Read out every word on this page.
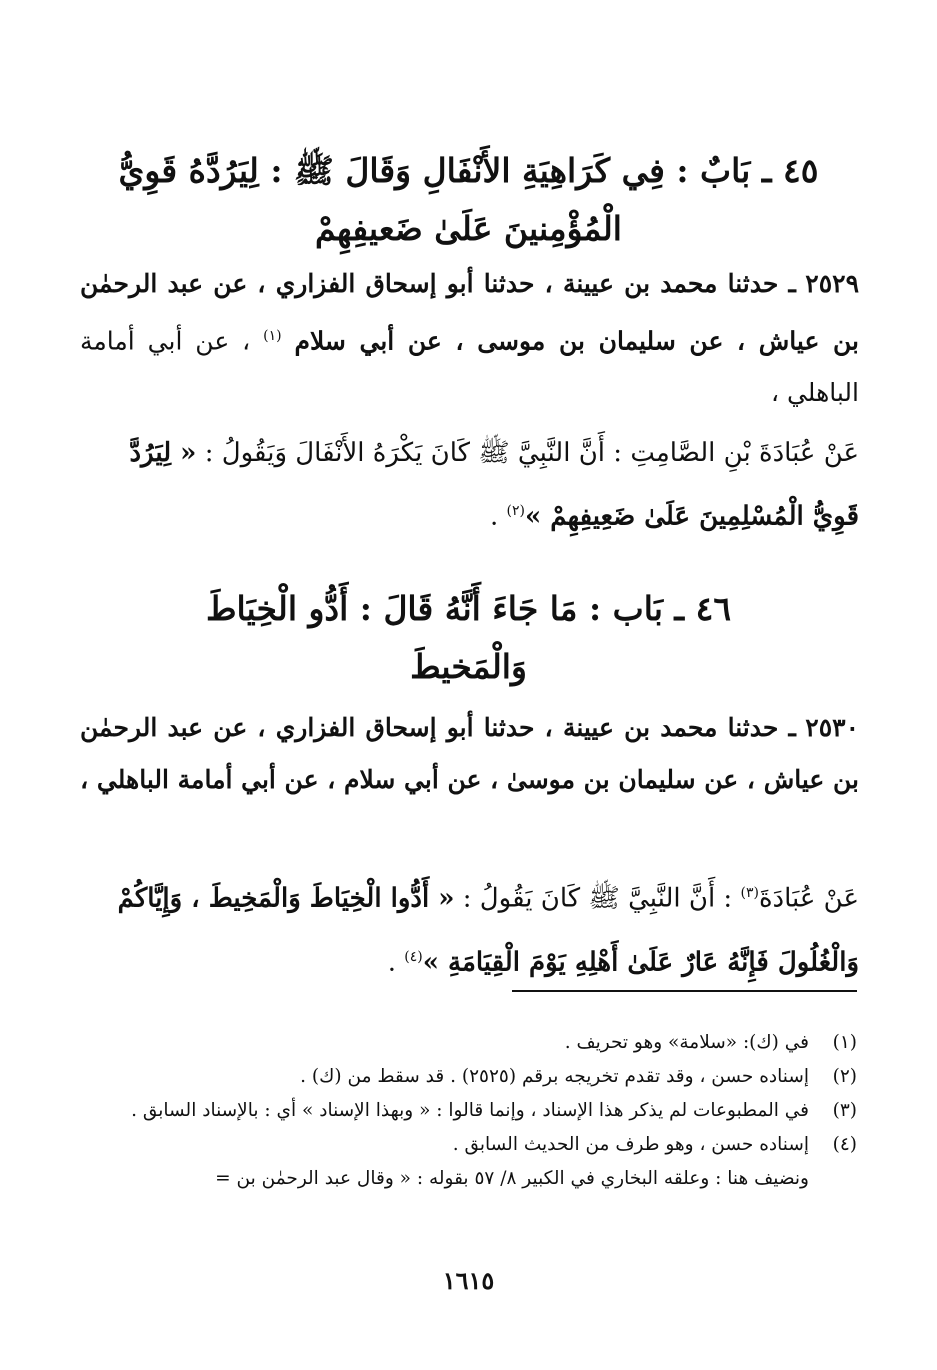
٤٥ ـ بَابٌ : فِي كَرَاهِيَةِ الأَنْفَالِ وَقَالَ ﷺ : لِيَرُدَّهُ قَوِيُّ
الْمُؤْمِنينَ عَلَىٰ ضَعيفِهِمْ

٢٥٢٩ ـ حدثنا محمد بن عيينة ، حدثنا أبو إسحاق الفزاري ، عن عبد الرحمٰن بن عياش ، عن سليمان بن موسى ، عن أبي سلام $^{(١)}$ ، عن أبي أمامة الباهلي ،

عَنْ عُبَادَةَ بْنِ الصَّامِتِ : أَنَّ النَّبِيَّ ﷺ كَانَ يَكْرَهُ الأَنْفَالَ وَيَقُولُ : « لِيَرُدَّ قَوِيُّ الْمُسْلِمِينَ عَلَىٰ ضَعِيفِهِمْ »$^{(٢)}$ .

٤٦ ـ بَاب : مَا جَاءَ أَنَّهُ قَالَ : أَدُّو الْخِيَاطَ
وَالْمَخيطَ

٢٥٣٠ ـ حدثنا محمد بن عيينة ، حدثنا أبو إسحاق الفزاري ، عن عبد الرحمٰن بن عياش ، عن سليمان بن موسىٰ ، عن أبي سلام ، عن أبي أمامة الباهلي ،

عَنْ عُبَادَةَ$^{(٣)}$ : أَنَّ النَّبِيَّ ﷺ كَانَ يَقُولُ : « أَدُّوا الْخِيَاطَ وَالْمَخِيطَ ، وَإِيَّاكُمْ وَالْغُلُولَ فَإِنَّهُ عَارٌ عَلَىٰ أَهْلِهِ يَوْمَ الْقِيَامَةِ »$^{(٤)}$ .

(١)
في (ك): «سلامة» وهو تحريف .
(٢)
إسناده حسن ، وقد تقدم تخريجه برقم (٢٥٢٥) . قد سقط من (ك) .
(٣)
في المطبوعات لم يذكر هذا الإسناد ، وإنما قالوا : « وبهذا الإسناد » أي : بالإسناد السابق .
(٤)
إسناده حسن ، وهو طرف من الحديث السابق .
ونضيف هنا : وعلقه البخاري في الكبير ٨/ ٥٧ بقوله : « وقال عبد الرحمٰن بن =
١٦١٥
